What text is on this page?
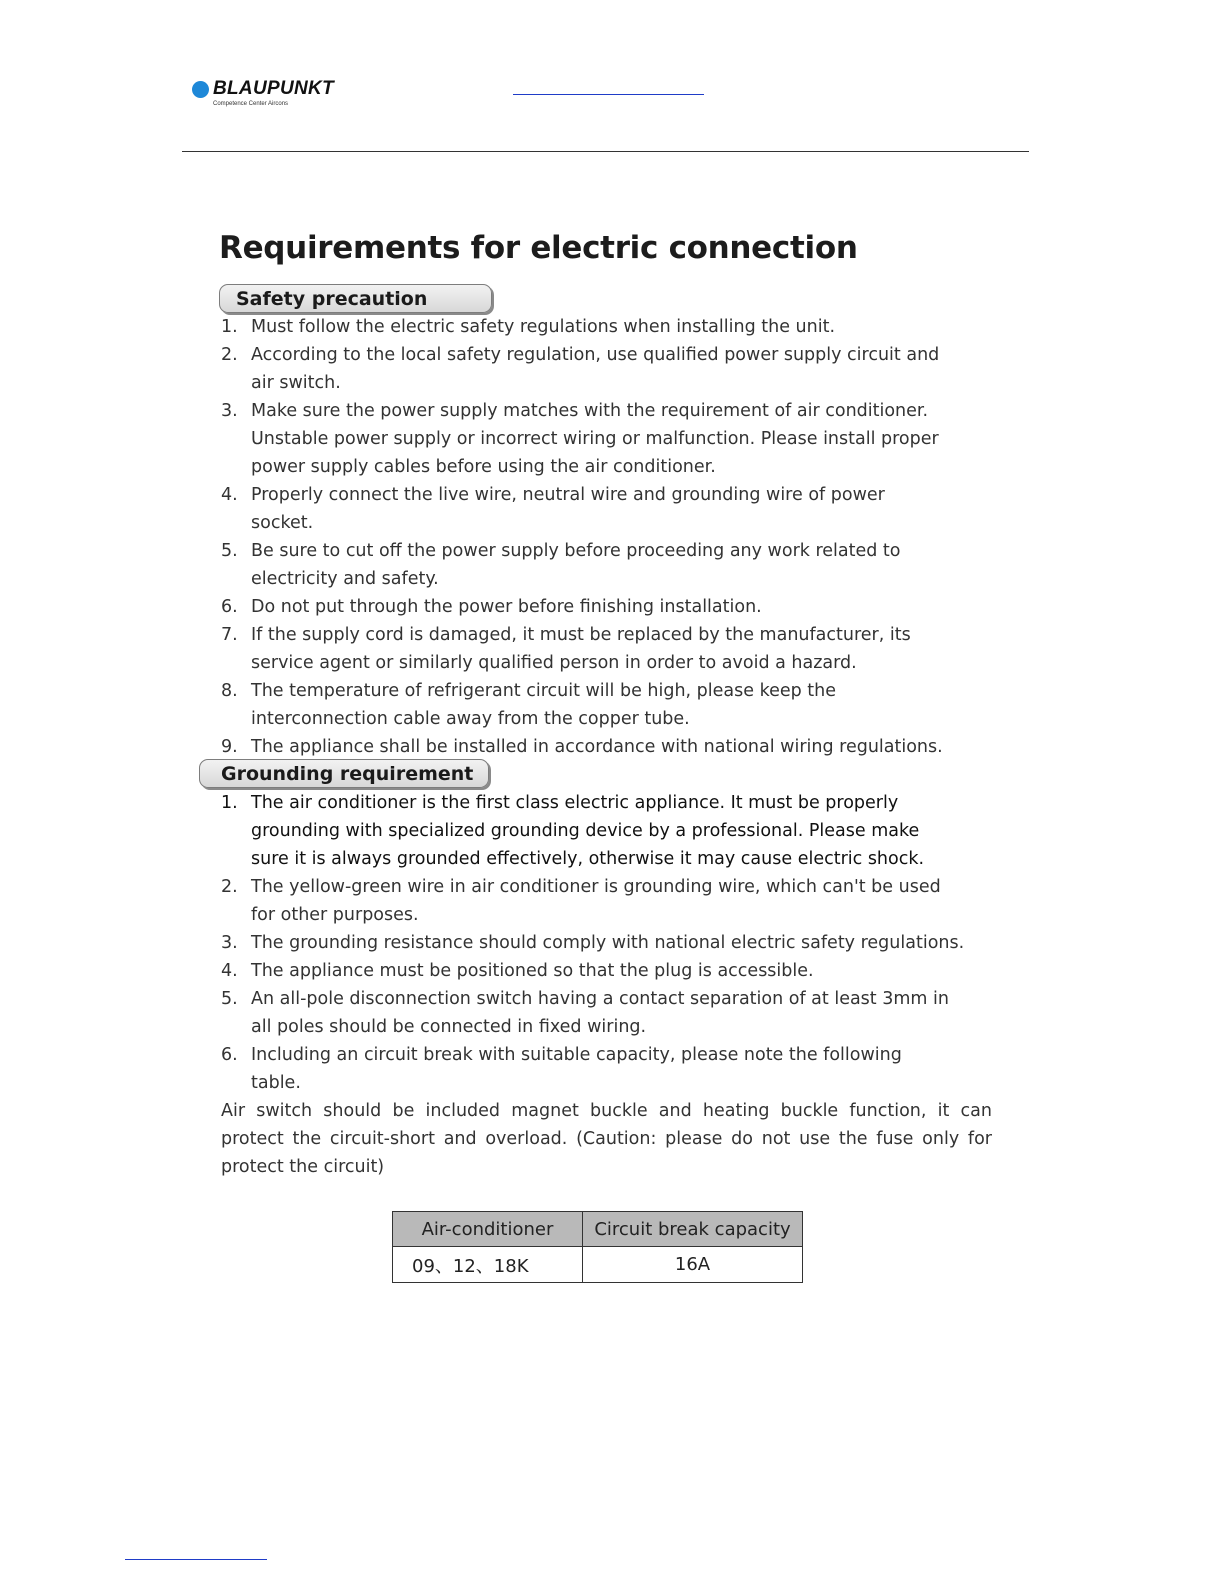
BLAUPUNKT
Competence Center Aircons
Requirements for electric connection
Safety precaution
1. Must follow the electric safety regulations when installing the unit.
2. According to the local safety regulation, use qualified power supply circuit and
air switch.
3. Make sure the power supply matches with the requirement of air conditioner.
Unstable power supply or incorrect wiring or malfunction. Please install proper
power supply cables before using the air conditioner.
4. Properly connect the live wire, neutral wire and grounding wire of power
socket.
5. Be sure to cut off the power supply before proceeding any work related to
electricity and safety.
6. Do not put through the power before finishing installation.
7. If the supply cord is damaged, it must be replaced by the manufacturer, its
service agent or similarly qualified person in order to avoid a hazard.
8. The temperature of refrigerant circuit will be high, please keep the
interconnection cable away from the copper tube.
9. The appliance shall be installed in accordance with national wiring regulations.
Grounding requirement
1. The air conditioner is the first class electric appliance. It must be properly
grounding with specialized grounding device by a professional. Please make
sure it is always grounded effectively, otherwise it may cause electric shock.
2. The yellow-green wire in air conditioner is grounding wire, which can't be used
for other purposes.
3. The grounding resistance should comply with national electric safety regulations.
4. The appliance must be positioned so that the plug is accessible.
5. An all-pole disconnection switch having a contact separation of at least 3mm in
all poles should be connected in fixed wiring.
6. Including an circuit break with suitable capacity, please note the following
table.

Air switch should be included magnet buckle and heating buckle function, it can protect the circuit-short and overload. (Caution: please do not use the fuse only for protect the circuit)

Air-conditioner	Circuit break capacity
09、12、18K	16A
